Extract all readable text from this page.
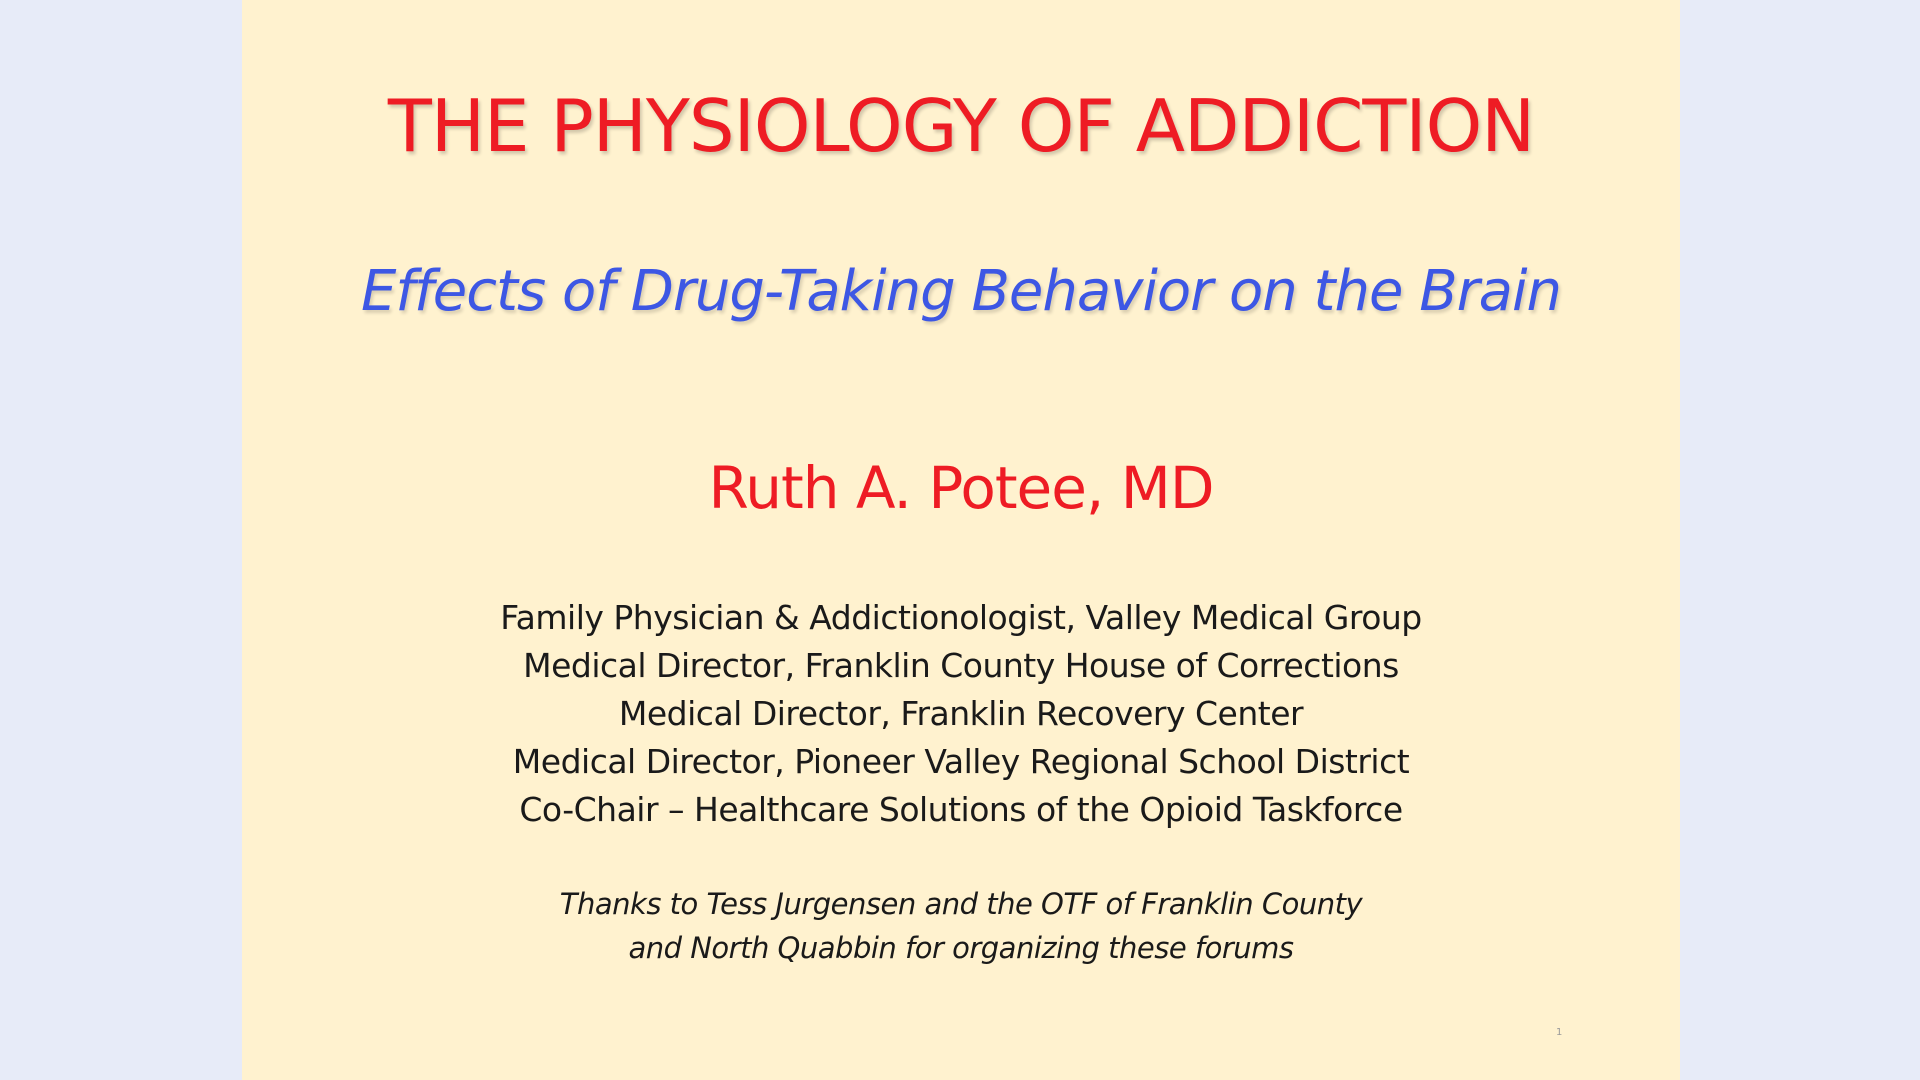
THE PHYSIOLOGY OF ADDICTION
Effects of Drug-Taking Behavior on the Brain
Ruth A. Potee, MD
Family Physician & Addictionologist, Valley Medical Group
Medical Director, Franklin County House of Corrections
Medical Director, Franklin Recovery Center
Medical Director, Pioneer Valley Regional School District
Co-Chair – Healthcare Solutions of the Opioid Taskforce
Thanks to Tess Jurgensen and the OTF of Franklin County
and North Quabbin for organizing these forums
1
